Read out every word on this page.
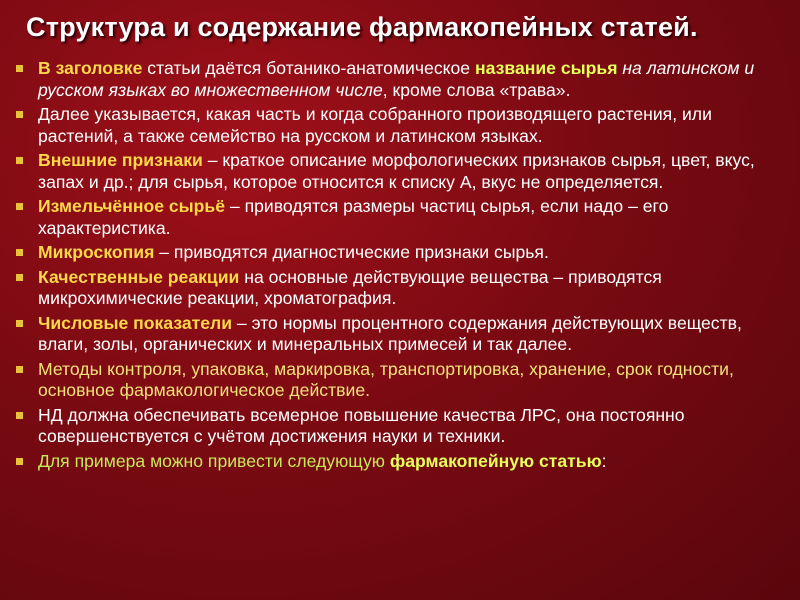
Структура и содержание фармакопейных статей.
В заголовке статьи даётся ботанико-анатомическое название сырья на латинском и русском языках во множественном числе, кроме слова «трава».
Далее указывается, какая часть и когда собранного производящего растения, или растений, а также семейство на русском и латинском языках.
Внешние признаки – краткое описание морфологических признаков сырья, цвет, вкус, запах и др.; для сырья, которое относится к списку А, вкус не определяется.
Измельчённое сырьё – приводятся размеры частиц сырья, если надо – его характеристика.
Микроскопия – приводятся диагностические признаки сырья.
Качественные реакции на основные действующие вещества – приводятся микрохимические реакции, хроматография.
Числовые показатели – это нормы процентного содержания действующих веществ, влаги, золы, органических и минеральных примесей и так далее.
Методы контроля, упаковка, маркировка, транспортировка, хранение, срок годности, основное фармакологическое действие.
НД должна обеспечивать всемерное повышение качества ЛРС, она постоянно совершенствуется с учётом достижения науки и техники.
Для примера можно привести следующую фармакопейную статью:
